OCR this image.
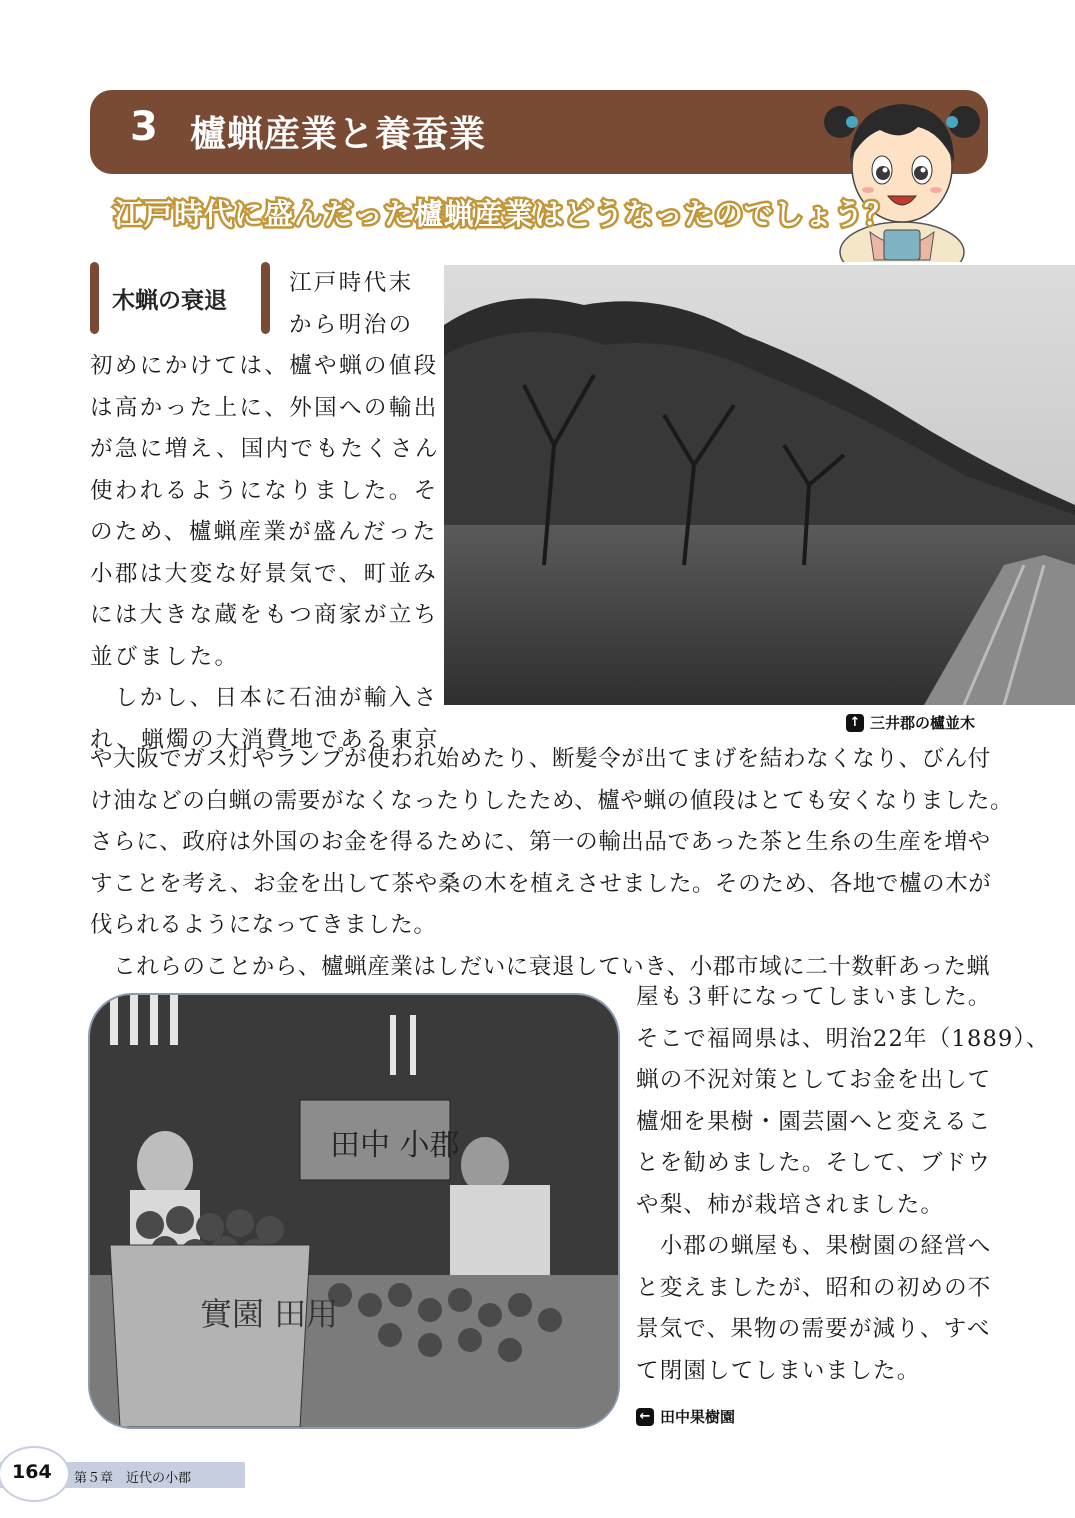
3 櫨蝋産業と養蚕業
江戸時代に盛んだった櫨蝋産業はどうなったのでしょう？
木蝋の衰退

江戸時代末

から明治の

初めにかけては、櫨や蝋の値段

は高かった上に、外国への輸出

が急に増え、国内でもたくさん

使われるようになりました。そ

のため、櫨蝋産業が盛んだった

小郡は大変な好景気で、町並み

には大きな蔵をもつ商家が立ち

並びました。

　しかし、日本に石油が輸入さ

れ、蝋燭の大消費地である東京

↑ 三井郡の櫨並木

や大阪でガス灯やランプが使われ始めたり、断髪令が出てまげを結わなくなり、びん付

け油などの白蝋の需要がなくなったりしたため、櫨や蝋の値段はとても安くなりました。

さらに、政府は外国のお金を得るために、第一の輸出品であった茶と生糸の生産を増や

すことを考え、お金を出して茶や桑の木を植えさせました。そのため、各地で櫨の木が

伐られるようになってきました。

　これらのことから、櫨蝋産業はしだいに衰退していき、小郡市域に二十数軒あった蝋

田中 小郡
實園 田用

屋も３軒になってしまいました。

そこで福岡県は、明治22年（1889）、

蝋の不況対策としてお金を出して

櫨畑を果樹・園芸園へと変えるこ

とを勧めました。そして、ブドウ

や梨、柿が栽培されました。

　小郡の蝋屋も、果樹園の経営へ

と変えましたが、昭和の初めの不

景気で、果物の需要が減り、すべ

て閉園してしまいました。

← 田中果樹園
164 第５章　近代の小郡
